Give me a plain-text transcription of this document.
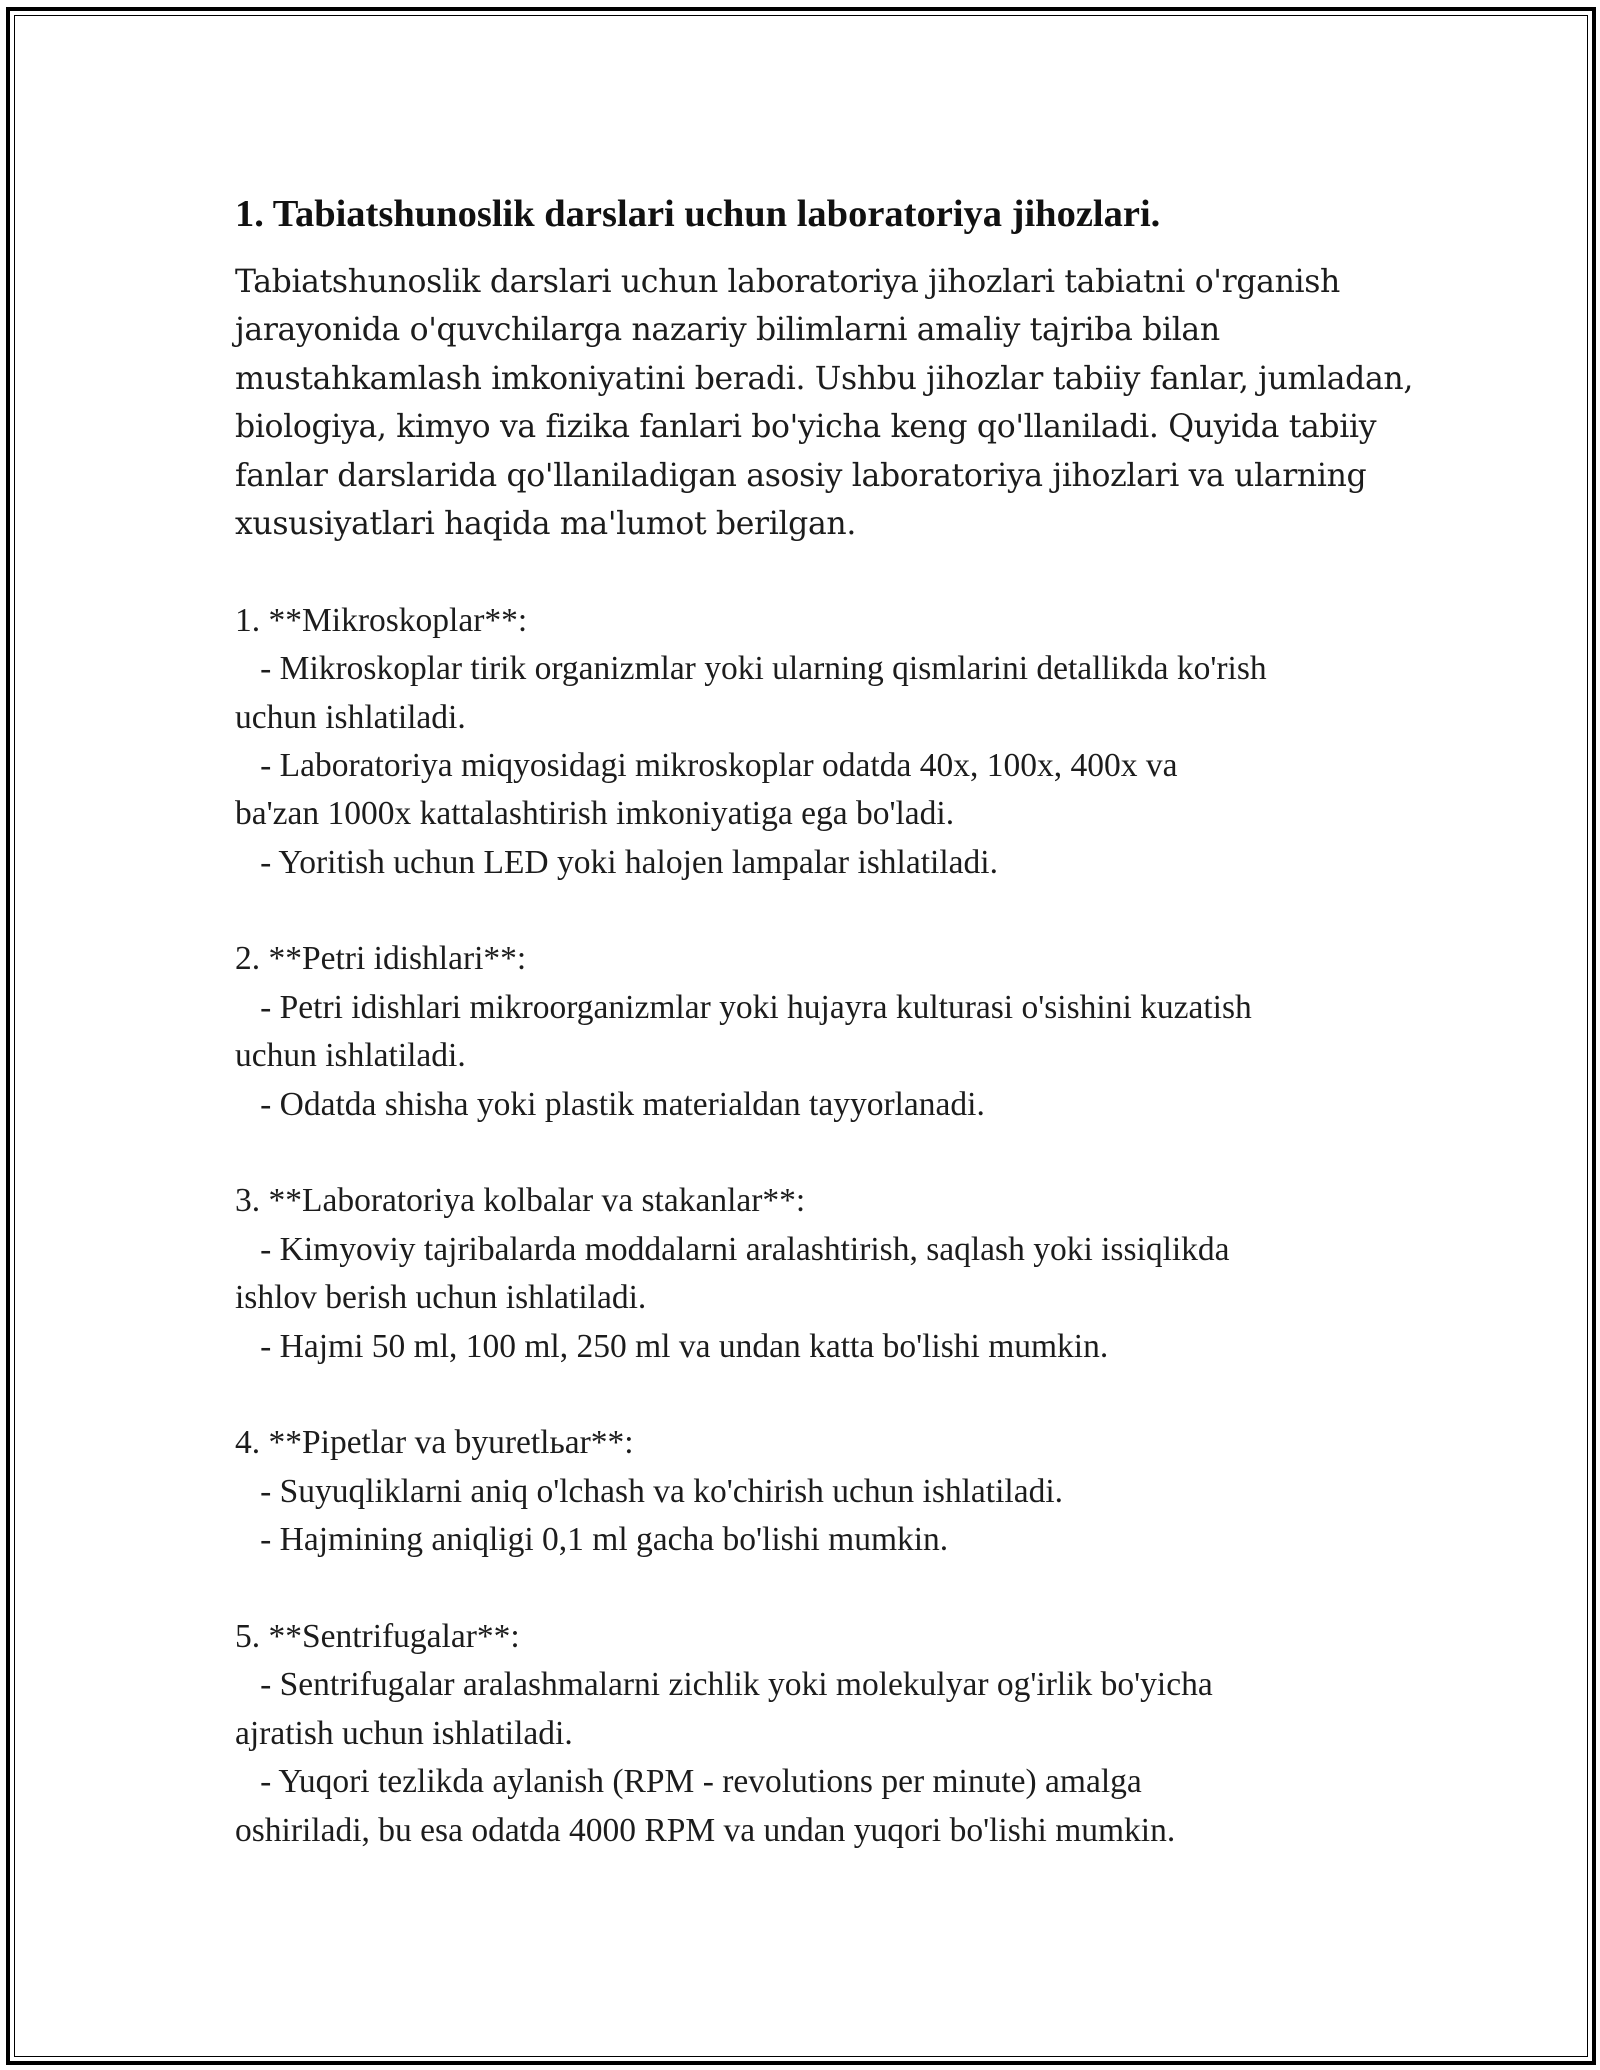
1. Tabiatshunoslik darslari uchun laboratoriya jihozlari.
Tabiatshunoslik darslari uchun laboratoriya jihozlari tabiatni o'rganish
jarayonida o'quvchilarga nazariy bilimlarni amaliy tajriba bilan
mustahkamlash imkoniyatini beradi. Ushbu jihozlar tabiiy fanlar, jumladan,
biologiya, kimyo va fizika fanlari bo'yicha keng qo'llaniladi. Quyida tabiiy
fanlar darslarida qo'llaniladigan asosiy laboratoriya jihozlari va ularning
xususiyatlari haqida ma'lumot berilgan.
1. **Mikroskoplar**:
- Mikroskoplar tirik organizmlar yoki ularning qismlarini detallikda ko'rish
uchun ishlatiladi.
- Laboratoriya miqyosidagi mikroskoplar odatda 40x, 100x, 400x va
ba'zan 1000x kattalashtirish imkoniyatiga ega bo'ladi.
- Yoritish uchun LED yoki halojen lampalar ishlatiladi.
2. **Petri idishlari**:
- Petri idishlari mikroorganizmlar yoki hujayra kulturasi o'sishini kuzatish
uchun ishlatiladi.
- Odatda shisha yoki plastik materialdan tayyorlanadi.
3. **Laboratoriya kolbalar va stakanlar**:
- Kimyoviy tajribalarda moddalarni aralashtirish, saqlash yoki issiqlikda
ishlov berish uchun ishlatiladi.
- Hajmi 50 ml, 100 ml, 250 ml va undan katta bo'lishi mumkin.
4. **Pipetlar va byuretlьar**:
- Suyuqliklarni aniq o'lchash va ko'chirish uchun ishlatiladi.
- Hajmining aniqligi 0,1 ml gacha bo'lishi mumkin.
5. **Sentrifugalar**:
- Sentrifugalar aralashmalarni zichlik yoki molekulyar og'irlik bo'yicha
ajratish uchun ishlatiladi.
- Yuqori tezlikda aylanish (RPM - revolutions per minute) amalga
oshiriladi, bu esa odatda 4000 RPM va undan yuqori bo'lishi mumkin.
